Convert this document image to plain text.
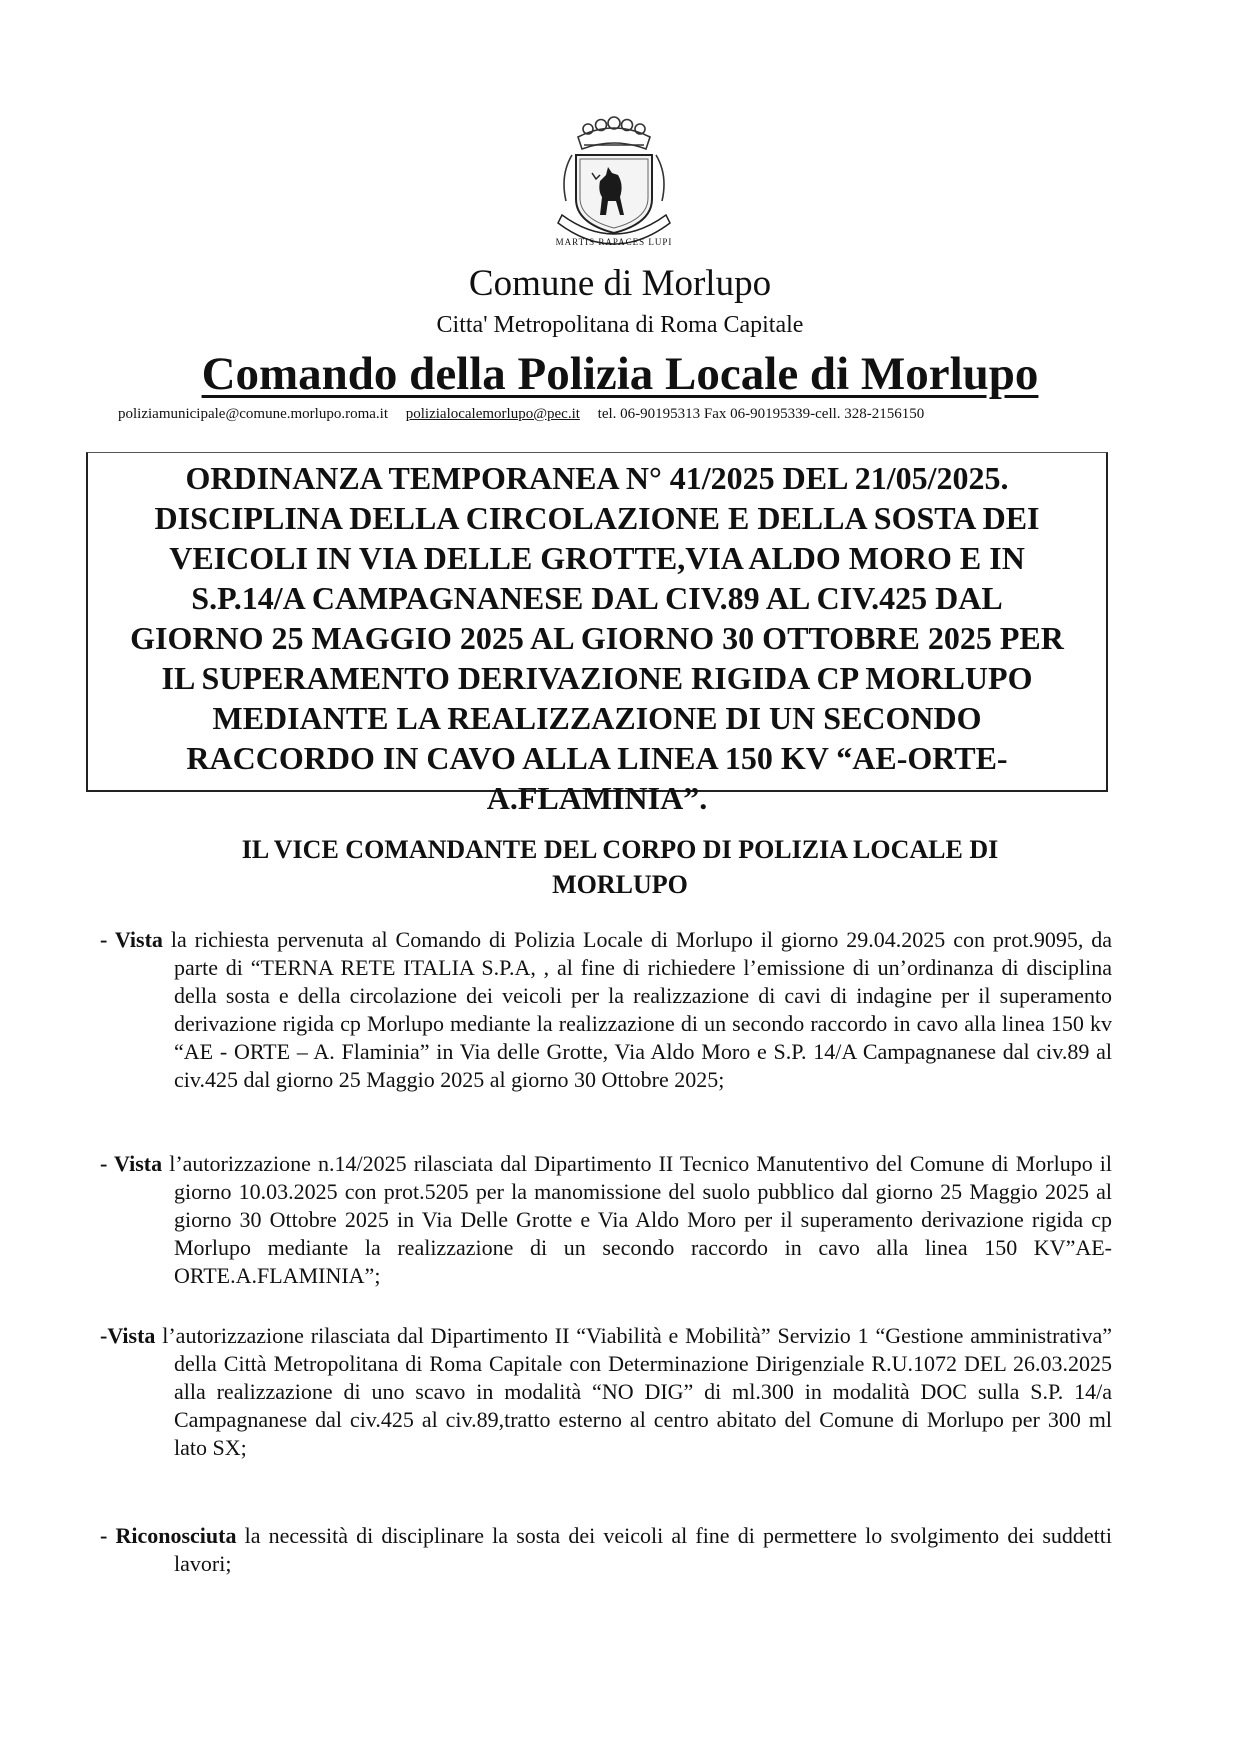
MARTIS RAPACES LUPI
Comune di Morlupo
Citta' Metropolitana di Roma Capitale
Comando della Polizia Locale di Morlupo
poliziamunicipale@comune.morlupo.roma.it polizialocalemorlupo@pec.it tel. 06-90195313 Fax 06-90195339-cell. 328-2156150
ORDINANZA TEMPORANEA N° 41/2025 DEL 21/05/2025.
DISCIPLINA DELLA CIRCOLAZIONE E DELLA SOSTA DEI
VEICOLI IN VIA DELLE GROTTE,VIA ALDO MORO E IN
S.P.14/A CAMPAGNANESE DAL CIV.89 AL CIV.425 DAL
GIORNO 25 MAGGIO 2025 AL GIORNO 30 OTTOBRE 2025 PER
IL SUPERAMENTO DERIVAZIONE RIGIDA CP MORLUPO
MEDIANTE LA REALIZZAZIONE DI UN SECONDO
RACCORDO IN CAVO ALLA LINEA 150 KV “AE-ORTE-
A.FLAMINIA”.
IL VICE COMANDANTE DEL CORPO DI POLIZIA LOCALE DI
MORLUPO
- Vista la richiesta pervenuta al Comando di Polizia Locale di Morlupo il giorno 29.04.2025 con prot.9095, da parte di “TERNA RETE ITALIA S.P.A, , al fine di richiedere l’emissione di un’ordinanza di disciplina della sosta e della circolazione dei veicoli per la realizzazione di cavi di indagine per il superamento derivazione rigida cp Morlupo mediante la realizzazione di un secondo raccordo in cavo alla linea 150 kv “AE - ORTE – A. Flaminia” in Via delle Grotte, Via Aldo Moro e S.P. 14/A Campagnanese dal civ.89 al civ.425 dal giorno 25 Maggio 2025 al giorno 30 Ottobre 2025;
- Vista l’autorizzazione n.14/2025 rilasciata dal Dipartimento II Tecnico Manutentivo del Comune di Morlupo il giorno 10.03.2025 con prot.5205 per la manomissione del suolo pubblico dal giorno 25 Maggio 2025 al giorno 30 Ottobre 2025 in Via Delle Grotte e Via Aldo Moro per il superamento derivazione rigida cp Morlupo mediante la realizzazione di un secondo raccordo in cavo alla linea 150 KV”AE-ORTE.A.FLAMINIA”;
-Vista l’autorizzazione rilasciata dal Dipartimento II “Viabilità e Mobilità” Servizio 1 “Gestione amministrativa” della Città Metropolitana di Roma Capitale con Determinazione Dirigenziale R.U.1072 DEL 26.03.2025 alla realizzazione di uno scavo in modalità “NO DIG” di ml.300 in modalità DOC sulla S.P. 14/a Campagnanese dal civ.425 al civ.89,tratto esterno al centro abitato del Comune di Morlupo per 300 ml lato SX;
- Riconosciuta la necessità di disciplinare la sosta dei veicoli al fine di permettere lo svolgimento dei suddetti lavori;
